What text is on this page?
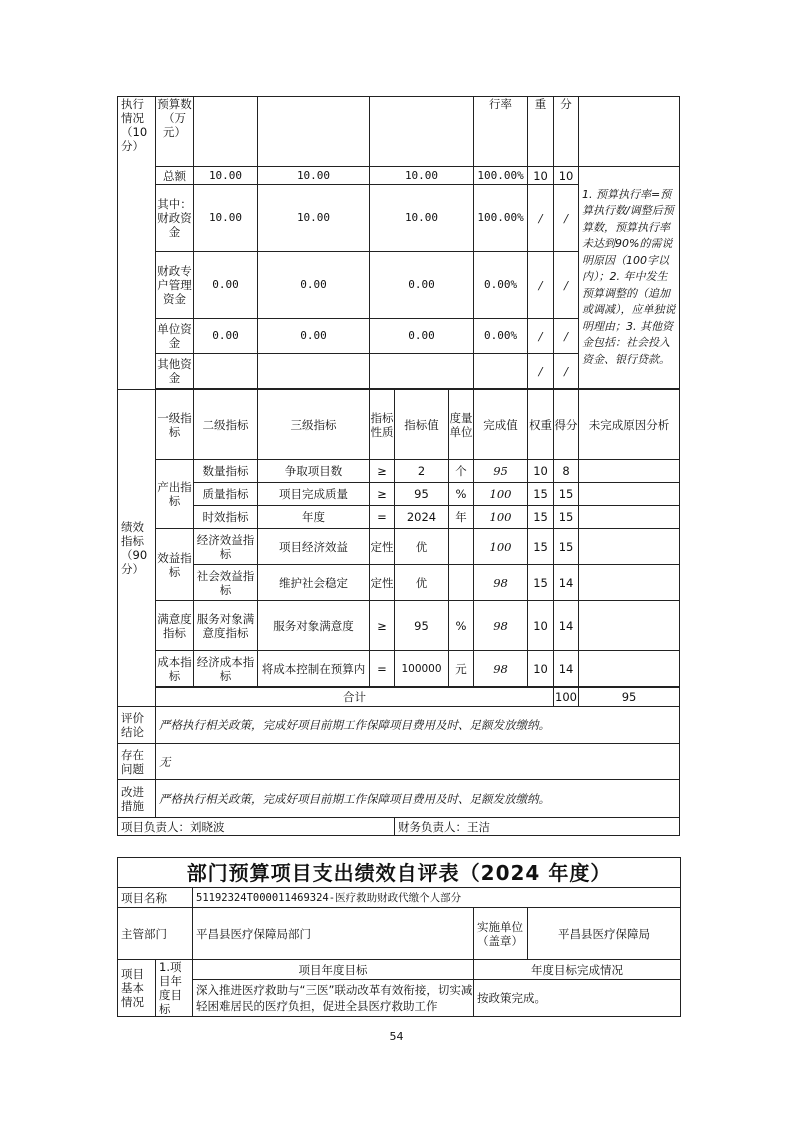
执行情况（10分）	预算数（万元）						行率	重	分		
	总额	10.00	10.00	10.00			100.00%	10	10	1. 预算执行率=预算执行数/调整后预算数，预算执行率未达到90%的需说明原因（100字以内）；2. 年中发生预算调整的（追加或调减），应单独说明理由；3. 其他资金包括：社会投入资金、银行贷款。	
	其中：财政资金	10.00	10.00	10.00			100.00%	/	/		
	财政专户管理资金	0.00	0.00	0.00			0.00%	/	/		
	单位资金	0.00	0.00	0.00			0.00%	/	/		
	其他资金							/	/		

绩效指标（90分）	一级指标	二级指标	三级指标	指标性质	指标值	度量单位	完成值	权重	得分	未完成原因分析	
	产出指标	数量指标	争取项目数	≥	2	个	95	10	8		
		质量指标	项目完成质量	≥	95	%	100	15	15		
		时效指标	年度	=	2024	年	100	15	15		
	效益指标	经济效益指标	项目经济效益	定性	优		100	15	15		
		社会效益指标	维护社会稳定	定性	优		98	15	14		
	满意度指标	服务对象满意度指标	服务对象满意度	≥	95	%	98	10	14		
	成本指标	经济成本指标	将成本控制在预算内	=	100000	元	98	10	14		

	合计								100	95	
评价结论	严格执行相关政策，完成好项目前期工作保障项目费用及时、足额发放缴纳。										
存在问题	无										
改进措施	严格执行相关政策，完成好项目前期工作保障项目费用及时、足额发放缴纳。										
项目负责人：刘晓波					财务负责人：王洁						
部门预算项目支出绩效自评表（2024 年度）				
项目名称		51192324T000011469324-医疗救助财政代缴个人部分		
主管部门		平昌县医疗保障局部门	实施单位（盖章）	平昌县医疗保障局
项目基本情况	1.项目年度目标	项目年度目标	年度目标完成情况	
		深入推进医疗救助与“三医”联动改革有效衔接，切实减轻困难居民的医疗负担，促进全县医疗救助工作	按政策完成。	
54
